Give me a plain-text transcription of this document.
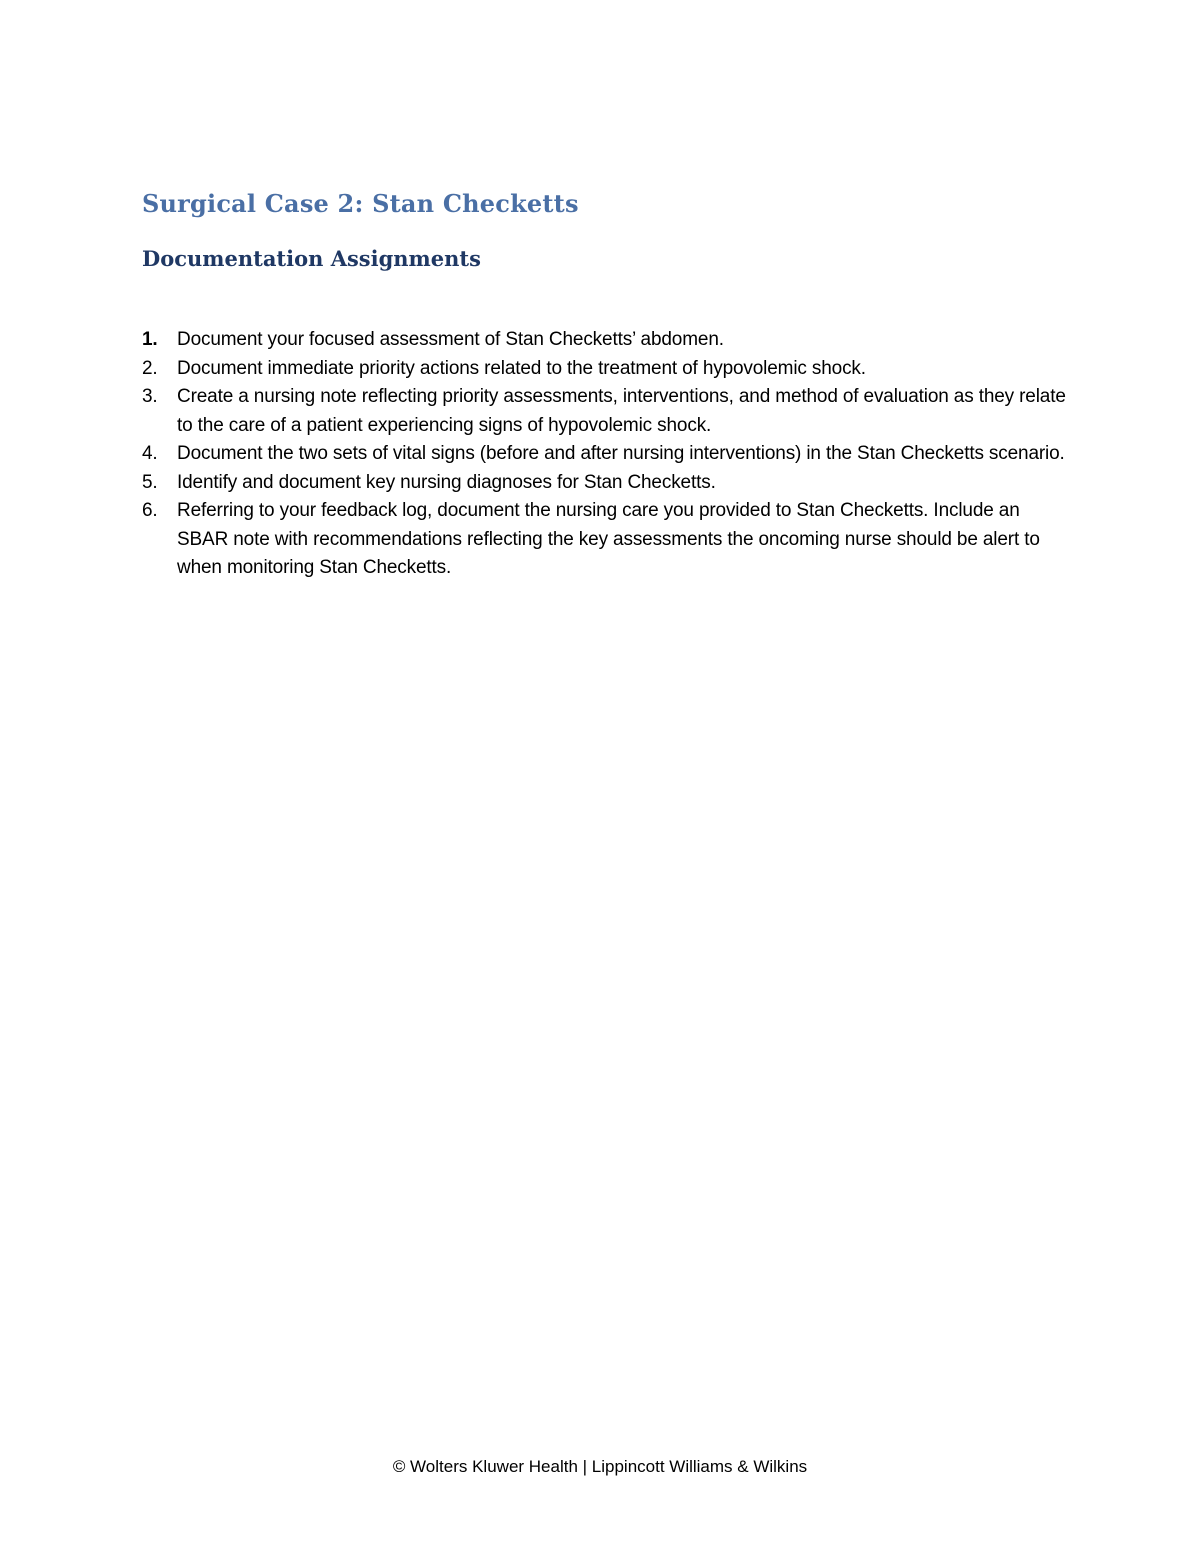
Surgical Case 2: Stan Checketts
Documentation Assignments
1. Document your focused assessment of Stan Checketts’ abdomen.
2. Document immediate priority actions related to the treatment of hypovolemic shock.
3. Create a nursing note reflecting priority assessments, interventions, and method of evaluation as they relate to the care of a patient experiencing signs of hypovolemic shock.
4. Document the two sets of vital signs (before and after nursing interventions) in the Stan Checketts scenario.
5. Identify and document key nursing diagnoses for Stan Checketts.
6. Referring to your feedback log, document the nursing care you provided to Stan Checketts. Include an SBAR note with recommendations reflecting the key assessments the oncoming nurse should be alert to when monitoring Stan Checketts.
© Wolters Kluwer Health | Lippincott Williams & Wilkins
